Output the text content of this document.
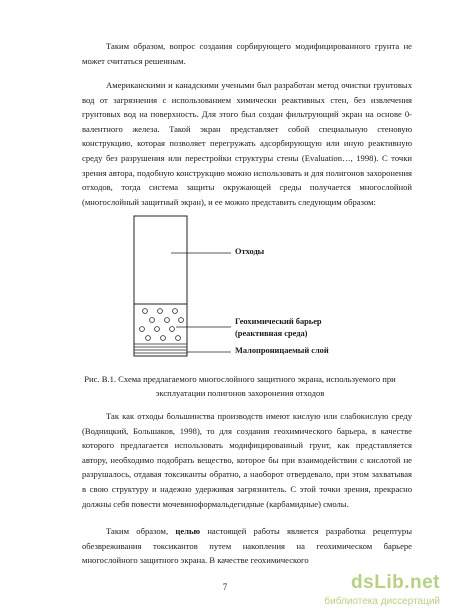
Таким образом, вопрос создания сорбирующего модифицированного грунта не может считаться решенным.

Американскими и канадскими учеными был разработан метод очистки грунтовых вод от загрязнения с использованием химически реактивных стен, без извлечения грунтовых вод на поверхность. Для этого был создан фильтрующий экран на основе 0-валентного железа. Такой экран представляет собой специальную стеновую конструкцию, которая позволяет перегружать адсорбирующую или иную реактивную среду без разрушения или перестройки структуры стены (Evaluation…, 1998). С точки зрения автора, подобную конструкцию можно использовать и для полигонов захоронения отходов, тогда система защиты окружающей среды получается многослойной (многослойный защитный экран), и ее можно представить следующим образом:

Отходы
Геохимический барьер
(реактивная среда)
Малопроницаемый слой
Рис. В.1. Схема предлагаемого многослойного защитного экрана, используемого при эксплуатации полигонов захоронения отходов

Так как отходы большинства производств имеют кислую или слабокислую среду (Водницкий, Большаков, 1998), то для создания геохимического барьера, в качестве которого предлагается использовать модифицированный грунт, как представляется автору, необходимо подобрать вещество, которое бы при взаимодействии с кислотой не разрушалось, отдавая токсиканты обратно, а наоборот отвердевало, при этом захватывая в свою структуру и надежно удерживая загрязнитель. С этой точки зрения, прекрасно должны себя повести мочевиноформальдегидные (карбамидные) смолы.

Таким образом, целью настоящей работы является разработка рецептуры обезвреживания токсикантов путем накопления на геохимическом барьере многослойного защитного экрана. В качестве геохимического

7	dsLib.net
библиотека диссертаций
